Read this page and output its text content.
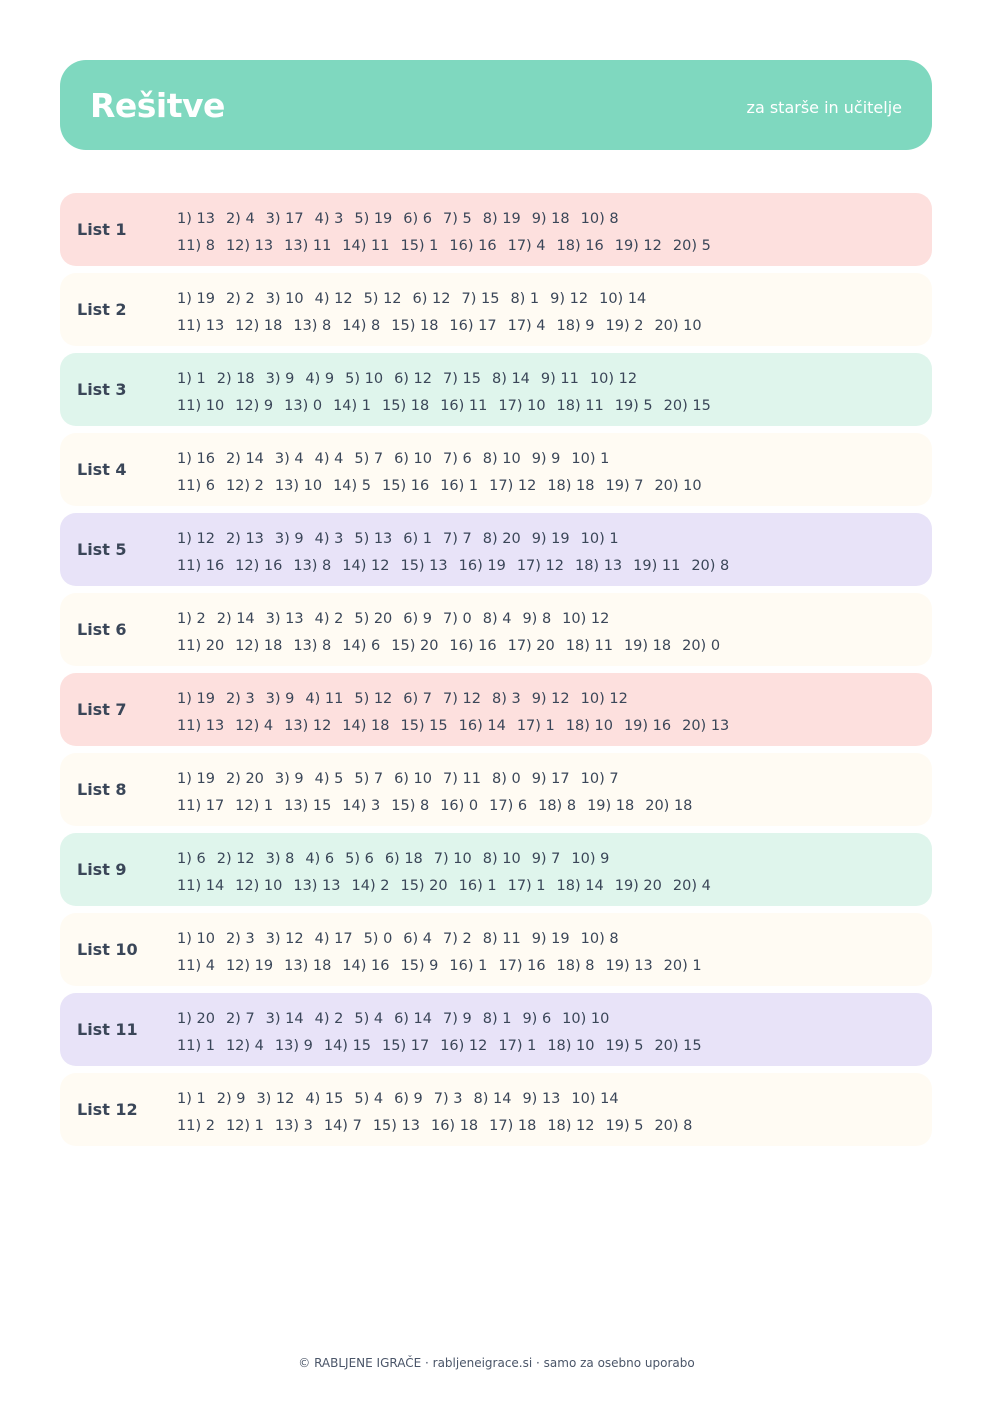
Rešitve	za starše in učitelje
List 1
1) 13 2) 4 3) 17 4) 3 5) 19 6) 6 7) 5 8) 19 9) 18 10) 8
11) 8 12) 13 13) 11 14) 11 15) 1 16) 16 17) 4 18) 16 19) 12 20) 5
List 2
1) 19 2) 2 3) 10 4) 12 5) 12 6) 12 7) 15 8) 1 9) 12 10) 14
11) 13 12) 18 13) 8 14) 8 15) 18 16) 17 17) 4 18) 9 19) 2 20) 10
List 3
1) 1 2) 18 3) 9 4) 9 5) 10 6) 12 7) 15 8) 14 9) 11 10) 12
11) 10 12) 9 13) 0 14) 1 15) 18 16) 11 17) 10 18) 11 19) 5 20) 15
List 4
1) 16 2) 14 3) 4 4) 4 5) 7 6) 10 7) 6 8) 10 9) 9 10) 1
11) 6 12) 2 13) 10 14) 5 15) 16 16) 1 17) 12 18) 18 19) 7 20) 10
List 5
1) 12 2) 13 3) 9 4) 3 5) 13 6) 1 7) 7 8) 20 9) 19 10) 1
11) 16 12) 16 13) 8 14) 12 15) 13 16) 19 17) 12 18) 13 19) 11 20) 8
List 6
1) 2 2) 14 3) 13 4) 2 5) 20 6) 9 7) 0 8) 4 9) 8 10) 12
11) 20 12) 18 13) 8 14) 6 15) 20 16) 16 17) 20 18) 11 19) 18 20) 0
List 7
1) 19 2) 3 3) 9 4) 11 5) 12 6) 7 7) 12 8) 3 9) 12 10) 12
11) 13 12) 4 13) 12 14) 18 15) 15 16) 14 17) 1 18) 10 19) 16 20) 13
List 8
1) 19 2) 20 3) 9 4) 5 5) 7 6) 10 7) 11 8) 0 9) 17 10) 7
11) 17 12) 1 13) 15 14) 3 15) 8 16) 0 17) 6 18) 8 19) 18 20) 18
List 9
1) 6 2) 12 3) 8 4) 6 5) 6 6) 18 7) 10 8) 10 9) 7 10) 9
11) 14 12) 10 13) 13 14) 2 15) 20 16) 1 17) 1 18) 14 19) 20 20) 4
List 10
1) 10 2) 3 3) 12 4) 17 5) 0 6) 4 7) 2 8) 11 9) 19 10) 8
11) 4 12) 19 13) 18 14) 16 15) 9 16) 1 17) 16 18) 8 19) 13 20) 1
List 11
1) 20 2) 7 3) 14 4) 2 5) 4 6) 14 7) 9 8) 1 9) 6 10) 10
11) 1 12) 4 13) 9 14) 15 15) 17 16) 12 17) 1 18) 10 19) 5 20) 15
List 12
1) 1 2) 9 3) 12 4) 15 5) 4 6) 9 7) 3 8) 14 9) 13 10) 14
11) 2 12) 1 13) 3 14) 7 15) 13 16) 18 17) 18 18) 12 19) 5 20) 8
© RABLJENE IGRAČE · rabljeneigrace.si · samo za osebno uporabo
